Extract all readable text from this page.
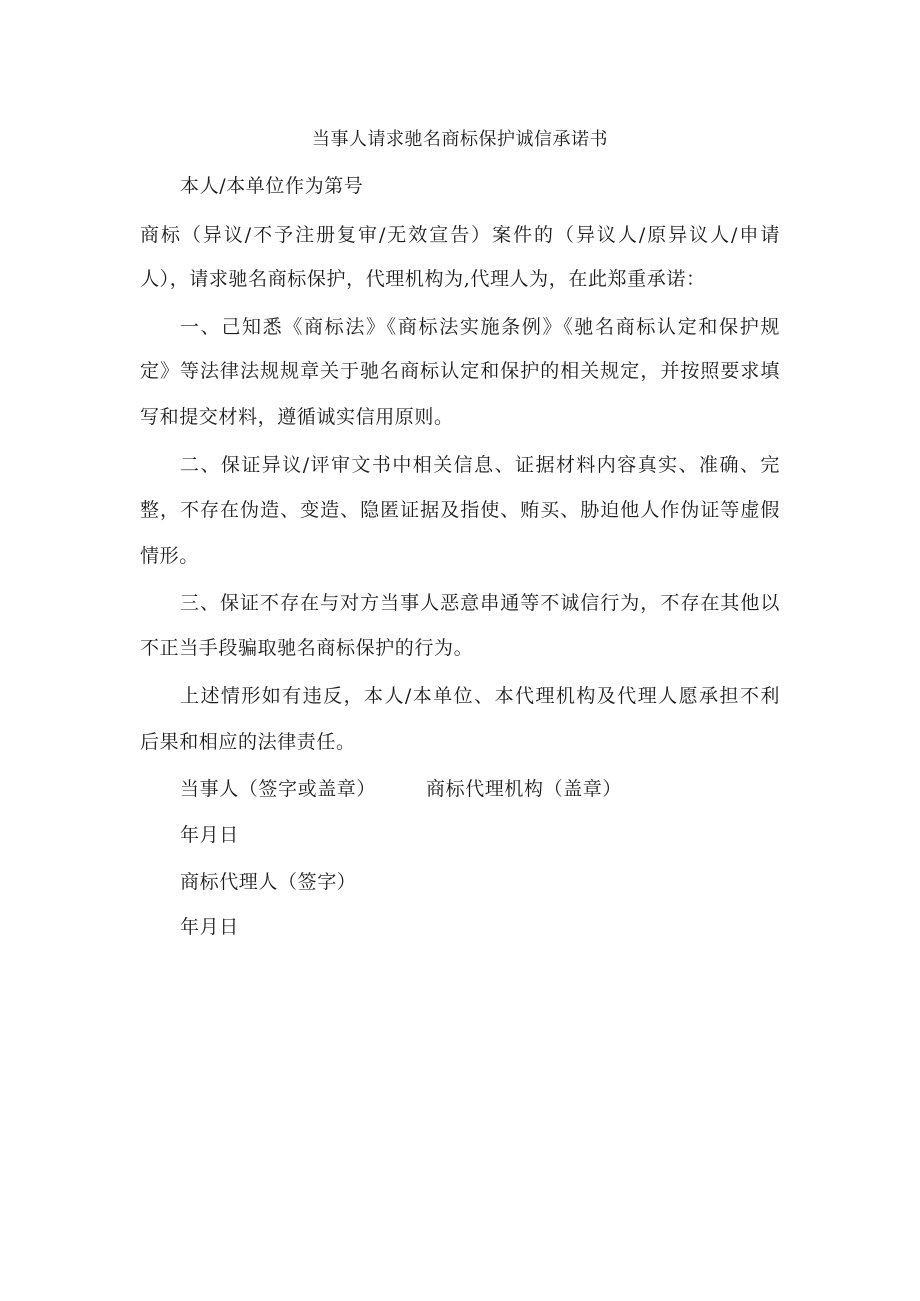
当事人请求驰名商标保护诚信承诺书
本人/本单位作为第号
商标（异议/不予注册复审/无效宣告）案件的（异议人/原异议人/申请
人），请求驰名商标保护，代理机构为,代理人为，在此郑重承诺：
一、己知悉《商标法》《商标法实施条例》《驰名商标认定和保护规
定》等法律法规规章关于驰名商标认定和保护的相关规定，并按照要求填
写和提交材料，遵循诚实信用原则。
二、保证异议/评审文书中相关信息、证据材料内容真实、准确、完
整，不存在伪造、变造、隐匿证据及指使、贿买、胁迫他人作伪证等虚假
情形。
三、保证不存在与对方当事人恶意串通等不诚信行为，不存在其他以
不正当手段骗取驰名商标保护的行为。
上述情形如有违反，本人/本单位、本代理机构及代理人愿承担不利
后果和相应的法律责任。
当事人（签字或盖章）	商标代理机构（盖章）
年月日
商标代理人（签字）
年月日
